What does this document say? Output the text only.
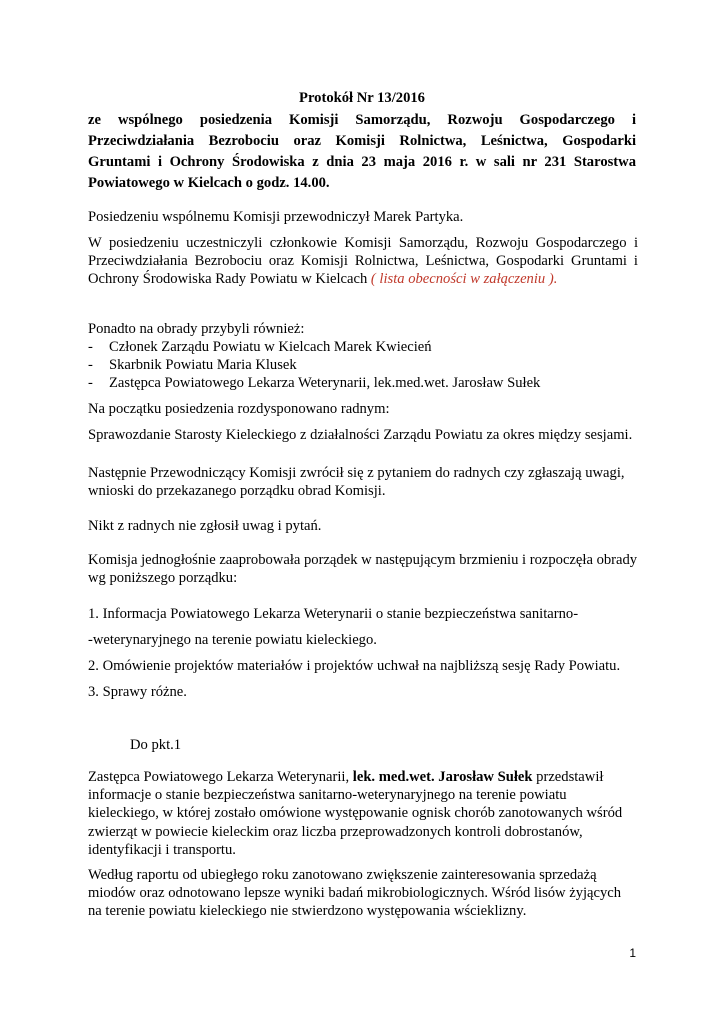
Protokół Nr 13/2016
ze wspólnego posiedzenia Komisji Samorządu, Rozwoju Gospodarczego i Przeciwdziałania Bezrobociu oraz Komisji Rolnictwa, Leśnictwa, Gospodarki Gruntami i Ochrony Środowiska z dnia 23 maja 2016 r. w sali nr 231 Starostwa Powiatowego w Kielcach o godz. 14.00.
Posiedzeniu wspólnemu Komisji przewodniczył Marek Partyka.
W posiedzeniu uczestniczyli członkowie Komisji Samorządu, Rozwoju Gospodarczego i Przeciwdziałania Bezrobociu oraz Komisji Rolnictwa, Leśnictwa, Gospodarki Gruntami i Ochrony Środowiska Rady Powiatu w Kielcach ( lista obecności w załączeniu ).
Ponadto na obrady przybyli również:
-	Członek Zarządu Powiatu w Kielcach Marek Kwiecień
-	Skarbnik Powiatu Maria Klusek
-	Zastępca Powiatowego Lekarza Weterynarii, lek.med.wet. Jarosław Sułek
Na początku posiedzenia rozdysponowano radnym:
Sprawozdanie Starosty Kieleckiego z działalności Zarządu Powiatu za okres między sesjami.
Następnie Przewodniczący Komisji zwrócił się z pytaniem do radnych czy zgłaszają uwagi, wnioski do przekazanego porządku obrad Komisji.
Nikt z radnych nie zgłosił uwag i pytań.
Komisja jednogłośnie zaaprobowała porządek w następującym brzmieniu i rozpoczęła obrady wg poniższego porządku:
1. Informacja Powiatowego Lekarza Weterynarii o stanie bezpieczeństwa sanitarno-
-weterynaryjnego na terenie powiatu kieleckiego.
2. Omówienie projektów materiałów i projektów uchwał na najbliższą sesję Rady Powiatu.
3. Sprawy różne.
Do pkt.1
Zastępca Powiatowego Lekarza Weterynarii, lek. med.wet. Jarosław Sułek przedstawił
informacje o stanie bezpieczeństwa sanitarno-weterynaryjnego na terenie powiatu
kieleckiego, w której zostało omówione występowanie ognisk chorób zanotowanych wśród
zwierząt w powiecie kieleckim oraz liczba przeprowadzonych kontroli dobrostanów,
identyfikacji i transportu.
Według raportu od ubiegłego roku zanotowano zwiększenie zainteresowania sprzedażą
miodów oraz odnotowano lepsze wyniki badań mikrobiologicznych. Wśród lisów żyjących
na terenie powiatu kieleckiego nie stwierdzono występowania wścieklizny.
1
